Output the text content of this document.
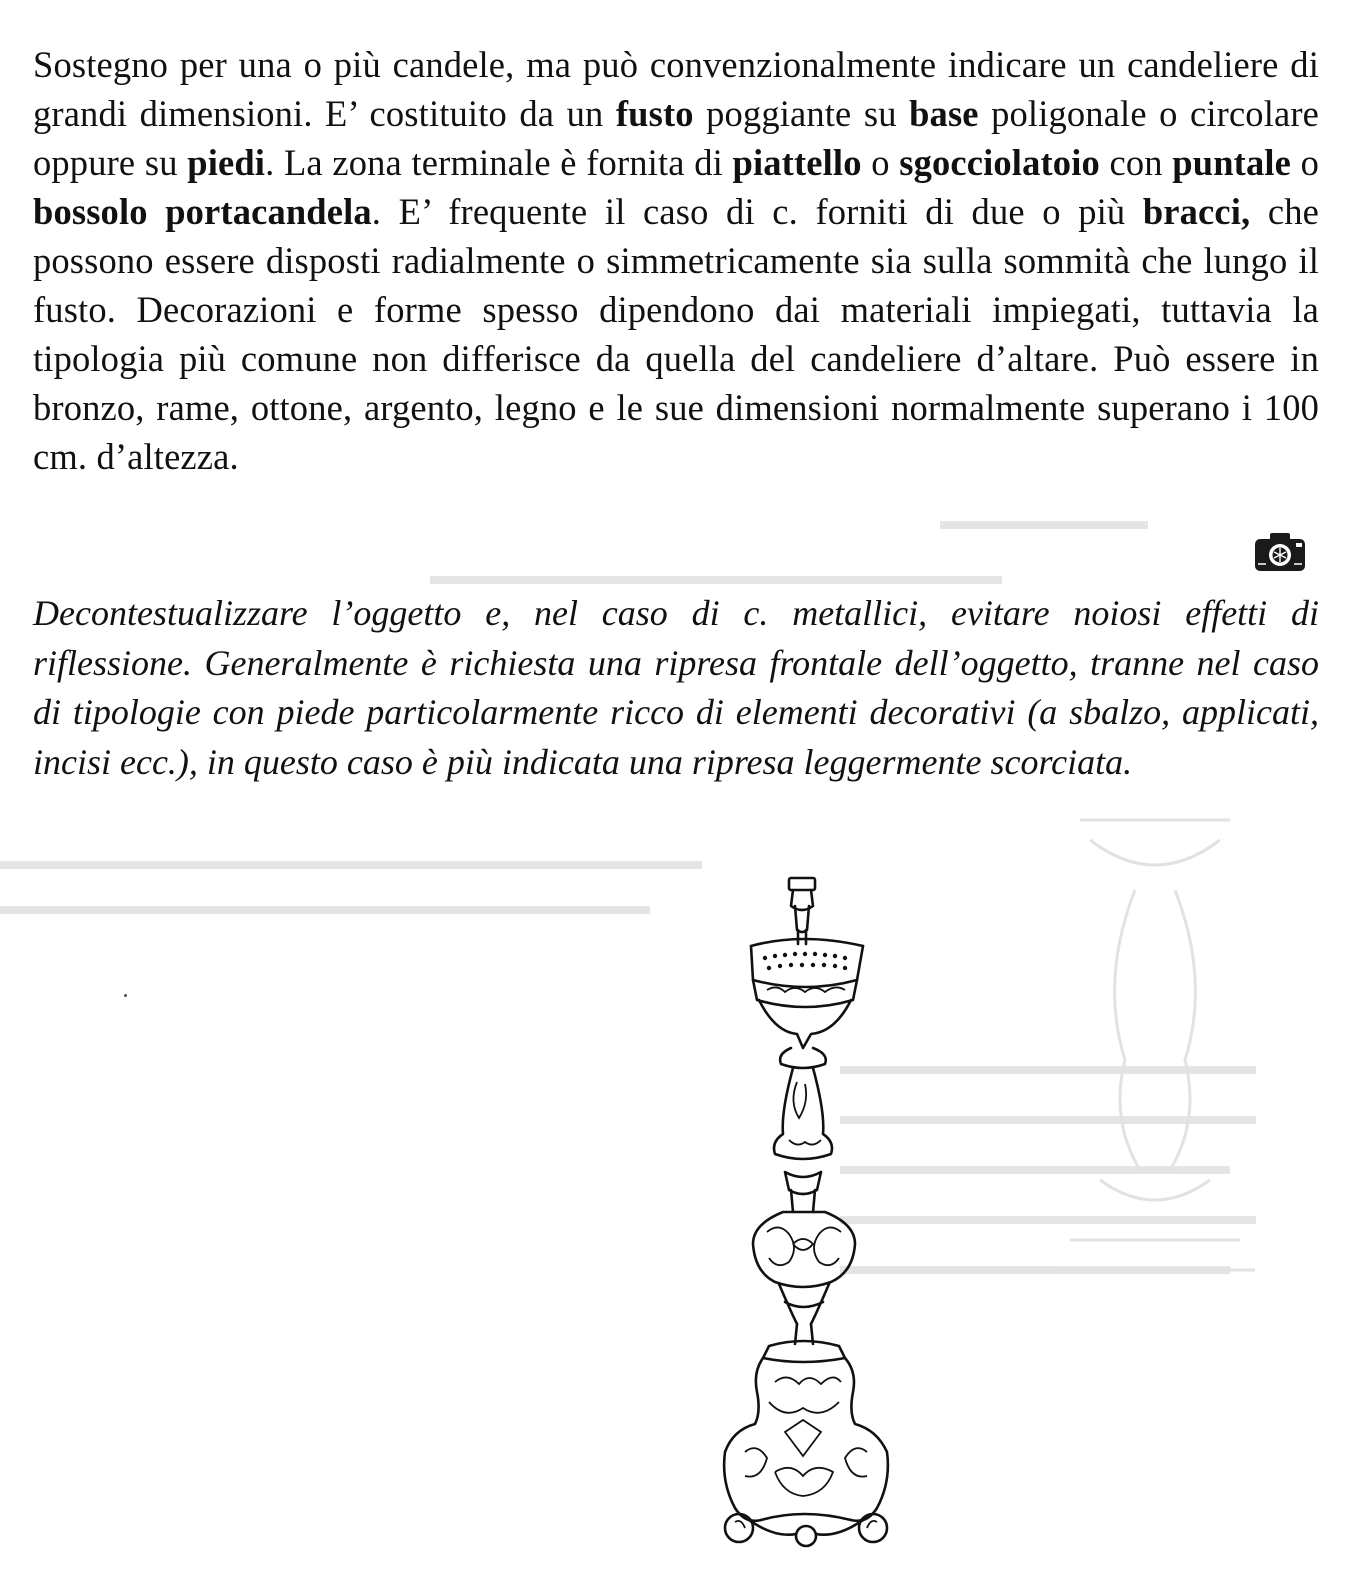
▬▬▬▬▬▬▬▬
▬▬▬▬▬▬▬▬▬▬▬▬▬▬▬▬▬▬▬▬▬▬
▬▬▬▬▬▬▬▬▬▬▬▬▬▬▬▬▬▬▬▬▬▬▬▬▬▬▬
▬▬▬▬▬▬▬▬▬▬▬▬▬▬▬▬▬▬▬▬▬▬▬▬▬
▬▬▬▬▬▬▬▬▬▬▬▬▬▬▬▬
▬▬▬▬▬▬▬▬▬▬▬▬▬▬▬▬
▬▬▬▬▬▬▬▬▬▬▬▬▬▬▬
▬▬▬▬▬▬▬▬▬▬▬▬▬▬▬▬
▬▬▬▬▬▬▬▬▬▬▬▬▬▬▬
Sostegno per una o più candele, ma può convenzionalmente indicare un candeliere di grandi dimensioni. E’ costituito da un fusto poggiante su base poligonale o circolare oppure su piedi. La zona terminale è fornita di piattello o sgocciolatoio con puntale o bossolo portacandela. E’ frequente il caso di c. forniti di due o più bracci, che possono essere disposti radialmente o simmetricamente sia sulla sommità che lungo il fusto. Decorazioni e forme spesso dipendono dai materiali impiegati, tuttavia la tipologia più comune non differisce da quella del candeliere d’altare. Può essere in bronzo, rame, ottone, argento, legno e le sue dimensioni normalmente superano i 100 cm. d’altezza.
Decontestualizzare l’oggetto e, nel caso di c. metallici, evitare noiosi effetti di riflessione. Generalmente è richiesta una ripresa frontale dell’oggetto, tranne nel caso di tipologie con piede particolarmente ricco di elementi decorativi (a sbalzo, applicati, incisi ecc.), in questo caso è più indicata una ripresa leggermente scorciata.
